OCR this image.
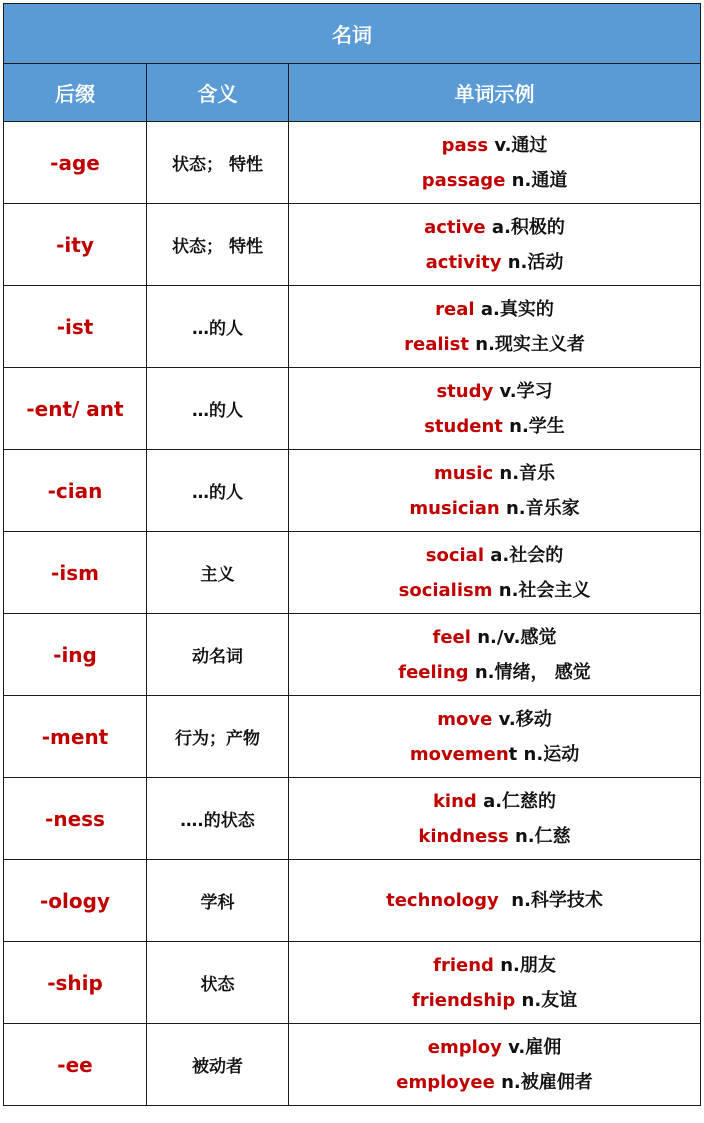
名词		
后缀	含义	单词示例
-age	状态； 特性	pass v.通过
passage n.通道

-ity	状态； 特性	active a.积极的
activity n.活动

-ist	…的人	real a.真实的
realist n.现实主义者

-ent/ ant	…的人	study v.学习
student n.学生

-cian	…的人	music n.音乐
musician n.音乐家

-ism	主义	social a.社会的
socialism n.社会主义

-ing	动名词	feel n./v.感觉
feeling n.情绪， 感觉

-ment	行为；产物	move v.移动
movement n.运动

-ness	….的状态	kind a.仁慈的
kindness n.仁慈

-ology	学科	technology  n.科学技术

-ship	状态	friend n.朋友
friendship n.友谊

-ee	被动者	employ v.雇佣
employee n.被雇佣者
